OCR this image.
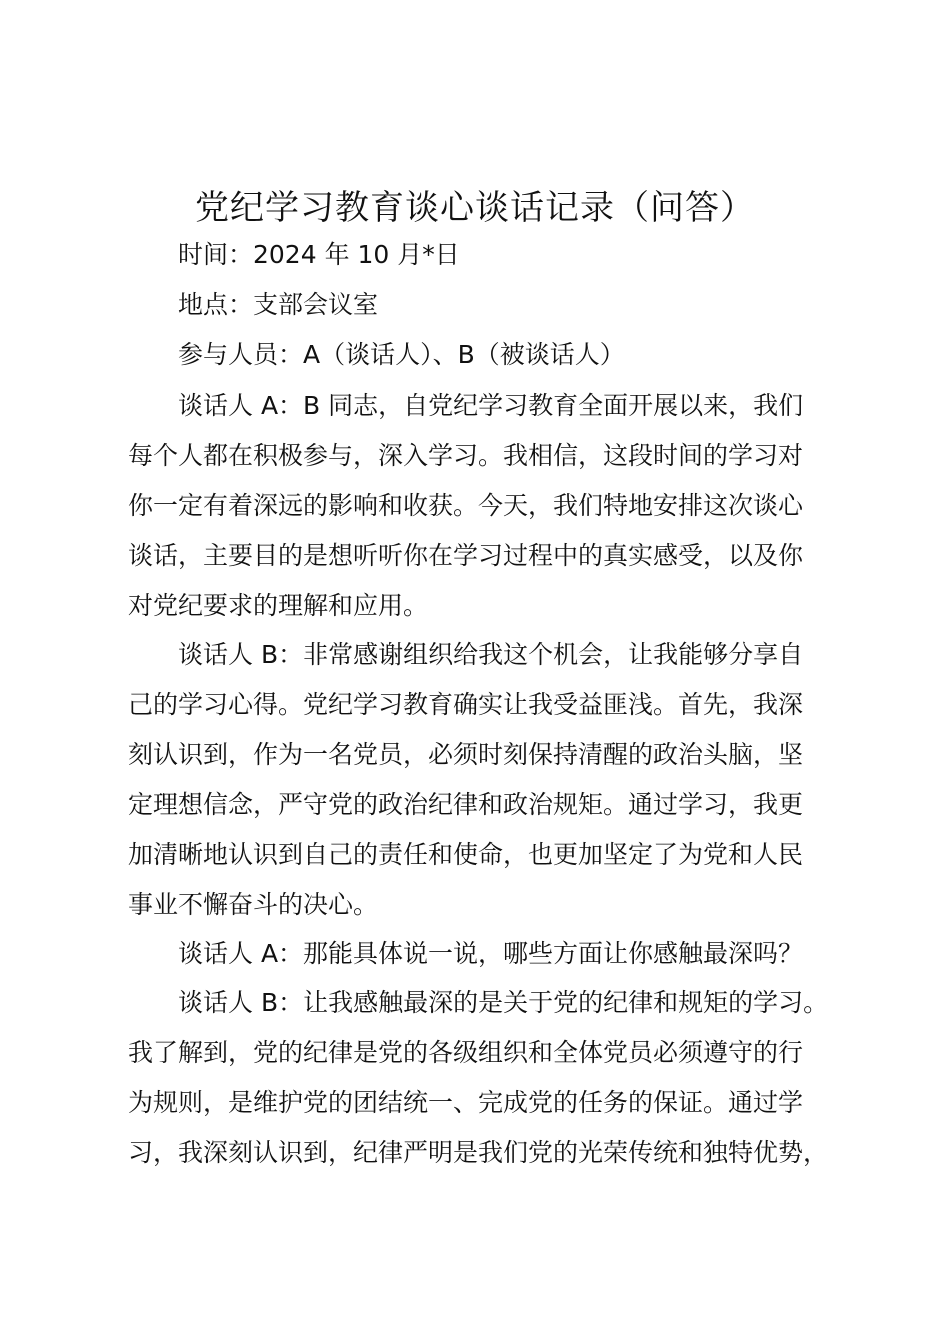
党纪学习教育谈心谈话记录（问答）
时间：2024 年 10 月*日
地点：支部会议室
参与人员：A（谈话人）、B（被谈话人）
谈话人 A：B 同志，自党纪学习教育全面开展以来，我们
每个人都在积极参与，深入学习。我相信，这段时间的学习对
你一定有着深远的影响和收获。今天，我们特地安排这次谈心
谈话，主要目的是想听听你在学习过程中的真实感受，以及你
对党纪要求的理解和应用。
谈话人 B：非常感谢组织给我这个机会，让我能够分享自
己的学习心得。党纪学习教育确实让我受益匪浅。首先，我深
刻认识到，作为一名党员，必须时刻保持清醒的政治头脑，坚
定理想信念，严守党的政治纪律和政治规矩。通过学习，我更
加清晰地认识到自己的责任和使命，也更加坚定了为党和人民
事业不懈奋斗的决心。
谈话人 A：那能具体说一说，哪些方面让你感触最深吗？
谈话人 B：让我感触最深的是关于党的纪律和规矩的学习。
我了解到，党的纪律是党的各级组织和全体党员必须遵守的行
为规则，是维护党的团结统一、完成党的任务的保证。通过学
习，我深刻认识到，纪律严明是我们党的光荣传统和独特优势，
